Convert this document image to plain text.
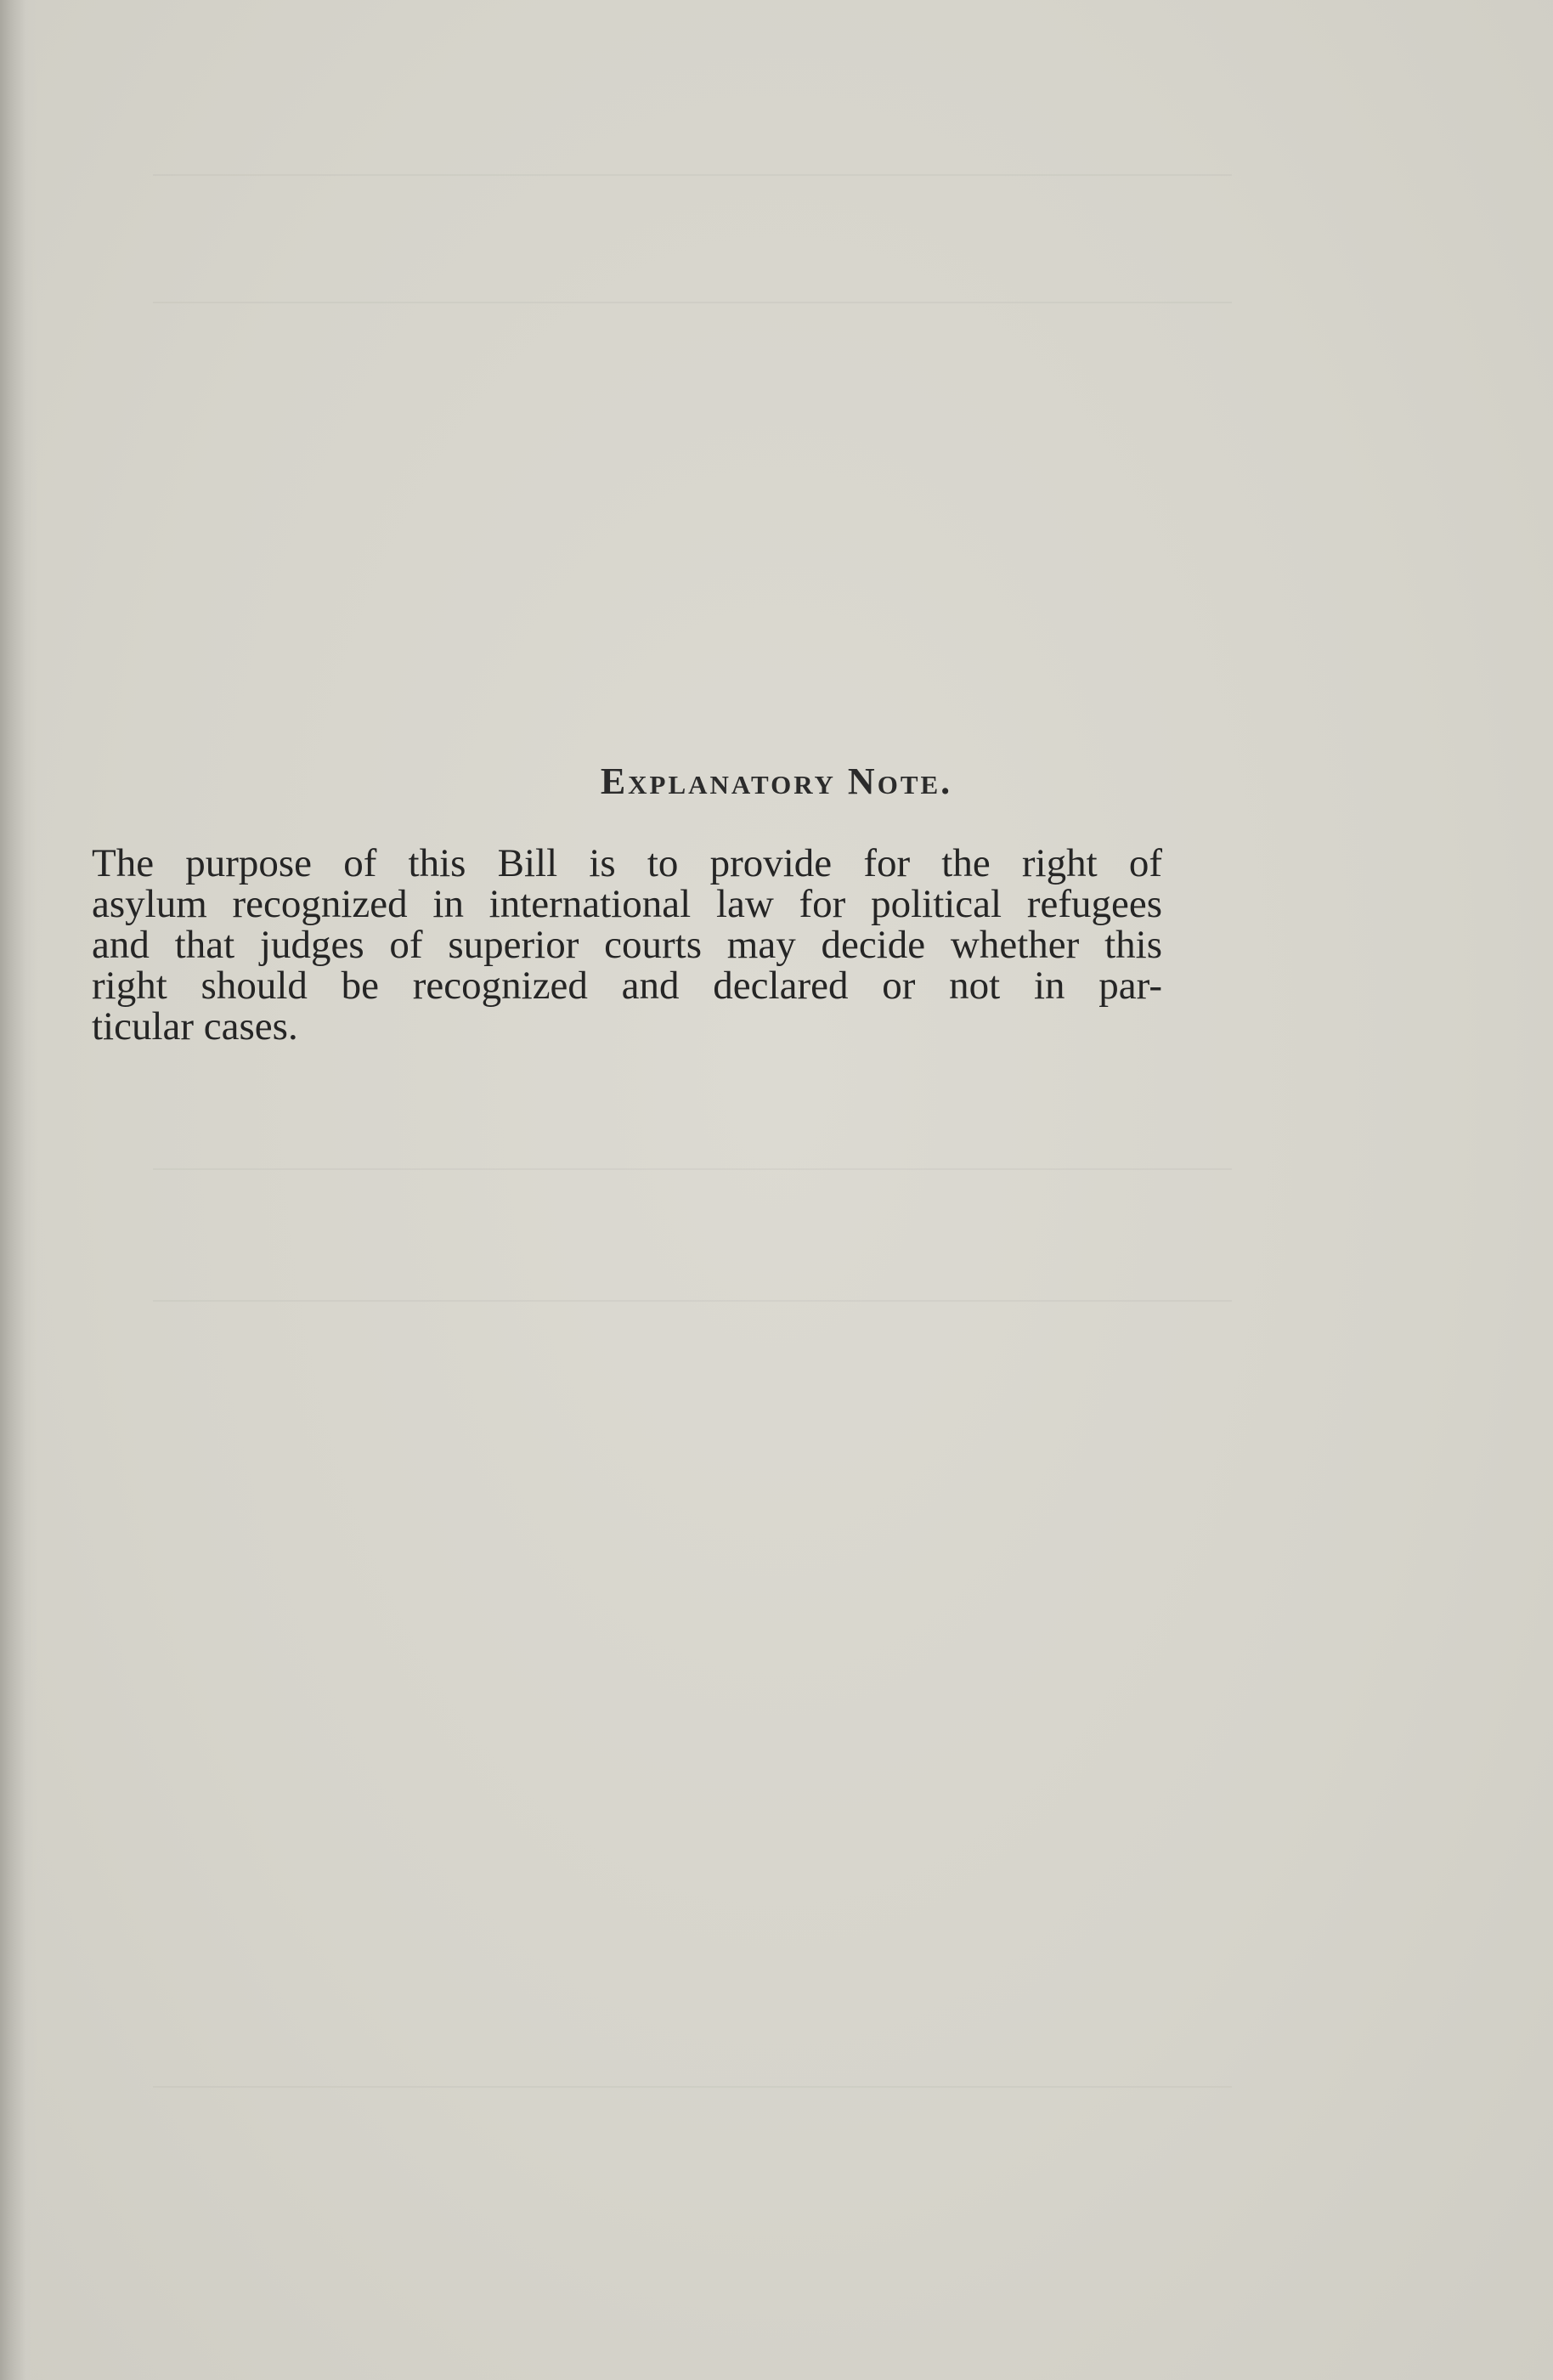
Explanatory Note.

The purpose of this Bill is to provide for the right of
asylum recognized in international law for political refugees
and that judges of superior courts may decide whether this
right should be recognized and declared or not in par-
ticular cases.
